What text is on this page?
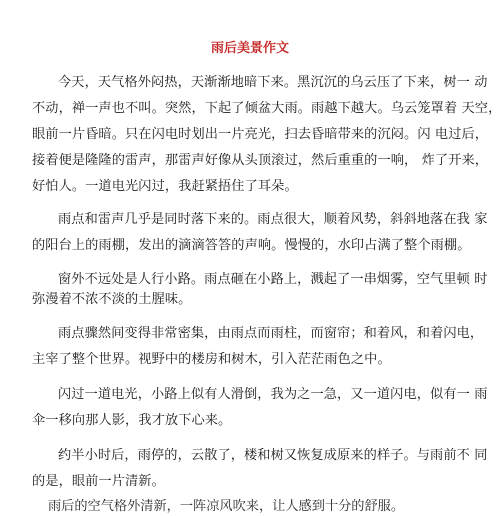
雨后美景作文
今天，天气格外闷热，天渐渐地暗下来。黑沉沉的乌云压了下来，树一 动
不动，禅一声也不叫。突然，下起了倾盆大雨。雨越下越大。乌云笼罩着 天空，
眼前一片昏暗。只在闪电时划出一片亮光，扫去昏暗带来的沉闷。闪 电过后，
接着便是隆隆的雷声，那雷声好像从头顶滚过，然后重重的一响， 炸了开来，
好怕人。一道电光闪过，我赶紧捂住了耳朵。
雨点和雷声几乎是同时落下来的。雨点很大，顺着风势，斜斜地落在我 家
的阳台上的雨棚，发出的滴滴答答的声响。慢慢的，水印占满了整个雨棚。
窗外不远处是人行小路。雨点砸在小路上，溅起了一串烟雾，空气里顿 时
弥漫着不浓不淡的土腥味。
雨点骤然间变得非常密集，由雨点而雨柱，而窗帘；和着风，和着闪电，
主宰了整个世界。视野中的楼房和树木，引入茫茫雨色之中。
闪过一道电光，小路上似有人滑倒，我为之一急，又一道闪电，似有一 雨
伞一移向那人影，我才放下心来。
约半小时后，雨停的，云散了，楼和树又恢复成原来的样子。与雨前不 同
的是，眼前一片清新。
雨后的空气格外清新，一阵凉风吹来，让人感到十分的舒服。
